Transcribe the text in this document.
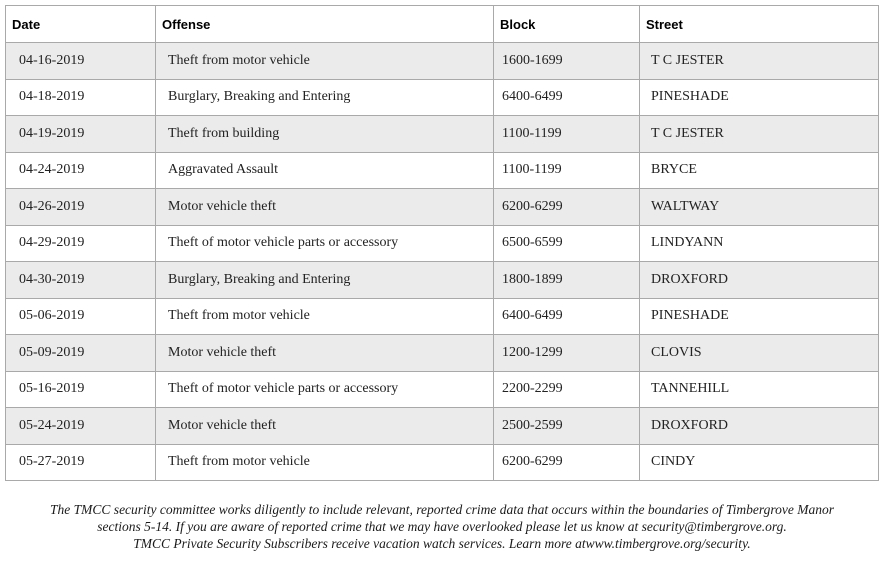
Date	Offense	Block	Street
04-16-2019	Theft from motor vehicle	1600-1699	T C JESTER
04-18-2019	Burglary, Breaking and Entering	6400-6499	PINESHADE
04-19-2019	Theft from building	1100-1199	T C JESTER
04-24-2019	Aggravated Assault	1100-1199	BRYCE
04-26-2019	Motor vehicle theft	6200-6299	WALTWAY
04-29-2019	Theft of motor vehicle parts or accessory	6500-6599	LINDYANN
04-30-2019	Burglary, Breaking and Entering	1800-1899	DROXFORD
05-06-2019	Theft from motor vehicle	6400-6499	PINESHADE
05-09-2019	Motor vehicle theft	1200-1299	CLOVIS
05-16-2019	Theft of motor vehicle parts or accessory	2200-2299	TANNEHILL
05-24-2019	Motor vehicle theft	2500-2599	DROXFORD
05-27-2019	Theft from motor vehicle	6200-6299	CINDY
The TMCC security committee works diligently to include relevant, reported crime data that occurs within the boundaries of Timbergrove Manor
sections 5-14. If you are aware of reported crime that we may have overlooked please let us know at security@timbergrove.org.
TMCC Private Security Subscribers receive vacation watch services. Learn more atwww.timbergrove.org/security.
